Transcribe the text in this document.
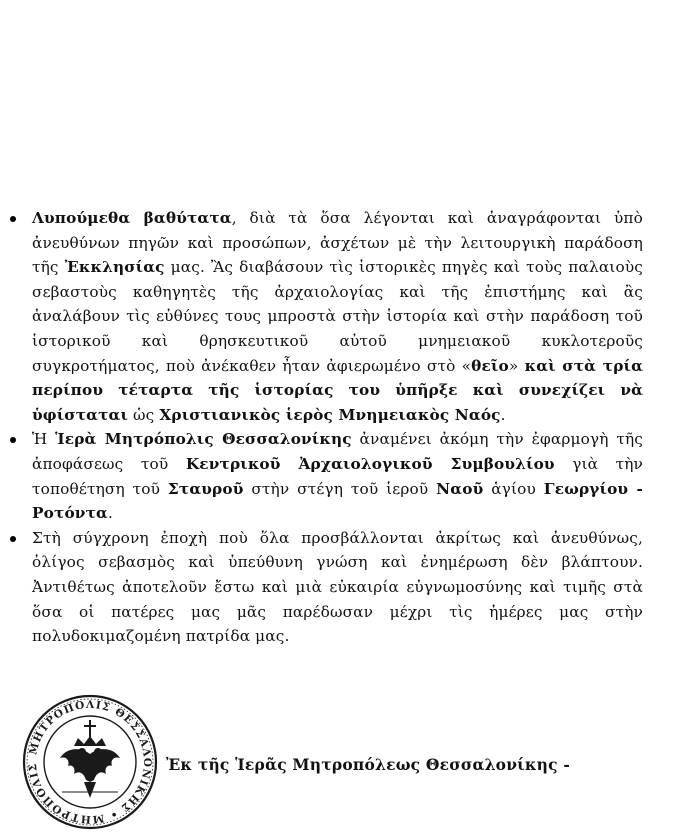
Λυπούμεθα βαθύτατα, διὰ τὰ ὅσα λέγονται καὶ ἀναγράφονται ὑπὸ ἀνευθύνων πηγῶν καὶ προσώπων, ἀσχέτων μὲ τὴν λειτουργικὴ παράδοση τῆς Ἐκκλησίας μας. Ἂς διαβάσουν τὶς ἱστορικὲς πηγὲς καὶ τοὺς παλαιοὺς σεβαστοὺς καθηγητὲς τῆς ἀρχαιολογίας καὶ τῆς ἐπιστήμης καὶ ἂς ἀναλάβουν τὶς εὐθύνες τους μπροστὰ στὴν ἱστορία καὶ στὴν παράδοση τοῦ ἱστορικοῦ καὶ θρησκευτικοῦ αὐτοῦ μνημειακοῦ κυκλοτεροῦς συγκροτήματος, ποὺ ἀνέκαθεν ἦταν ἀφιερωμένο στὸ «θεῖο» καὶ στὰ τρία περίπου τέταρτα τῆς ἱστορίας του ὑπῆρξε καὶ συνεχίζει νὰ ὑφίσταται ὡς Χριστιανικὸς ἱερὸς Μνημειακὸς Ναός.
Ἡ Ἱερὰ Μητρόπολις Θεσσαλονίκης ἀναμένει ἀκόμη τὴν ἐφαρμογὴ τῆς ἀποφάσεως τοῦ Κεντρικοῦ Ἀρχαιολογικοῦ Συμβουλίου γιὰ τὴν τοποθέτηση τοῦ Σταυροῦ στὴν στέγη τοῦ ἱεροῦ Ναοῦ ἁγίου Γεωργίου - Ροτόντα.
Στὴ σύγχρονη ἐποχὴ ποὺ ὅλα προσβάλλονται ἀκρίτως καὶ ἀνευθύνως, ὀλίγος σεβασμὸς καὶ ὑπεύθυνη γνώση καὶ ἐνημέρωση δὲν βλάπτουν. Ἀντιθέτως ἀποτελοῦν ἔστω καὶ μιὰ εὐκαιρία εὐγνωμοσύνης καὶ τιμῆς στὰ ὅσα οἱ πατέρες μας μᾶς παρέδωσαν μέχρι τὶς ἡμέρες μας στὴν πολυδοκιμαζομένη πατρίδα μας.
ΜΗΤΡΟΠΟΛΙΣ ΘΕΣΣΑΛΟΝΙΚΗΣ • ΜΗΤΡΟΠΟΛΙΣ	Ἐκ τῆς Ἱερᾶς Μητροπόλεως Θεσσαλονίκης -
